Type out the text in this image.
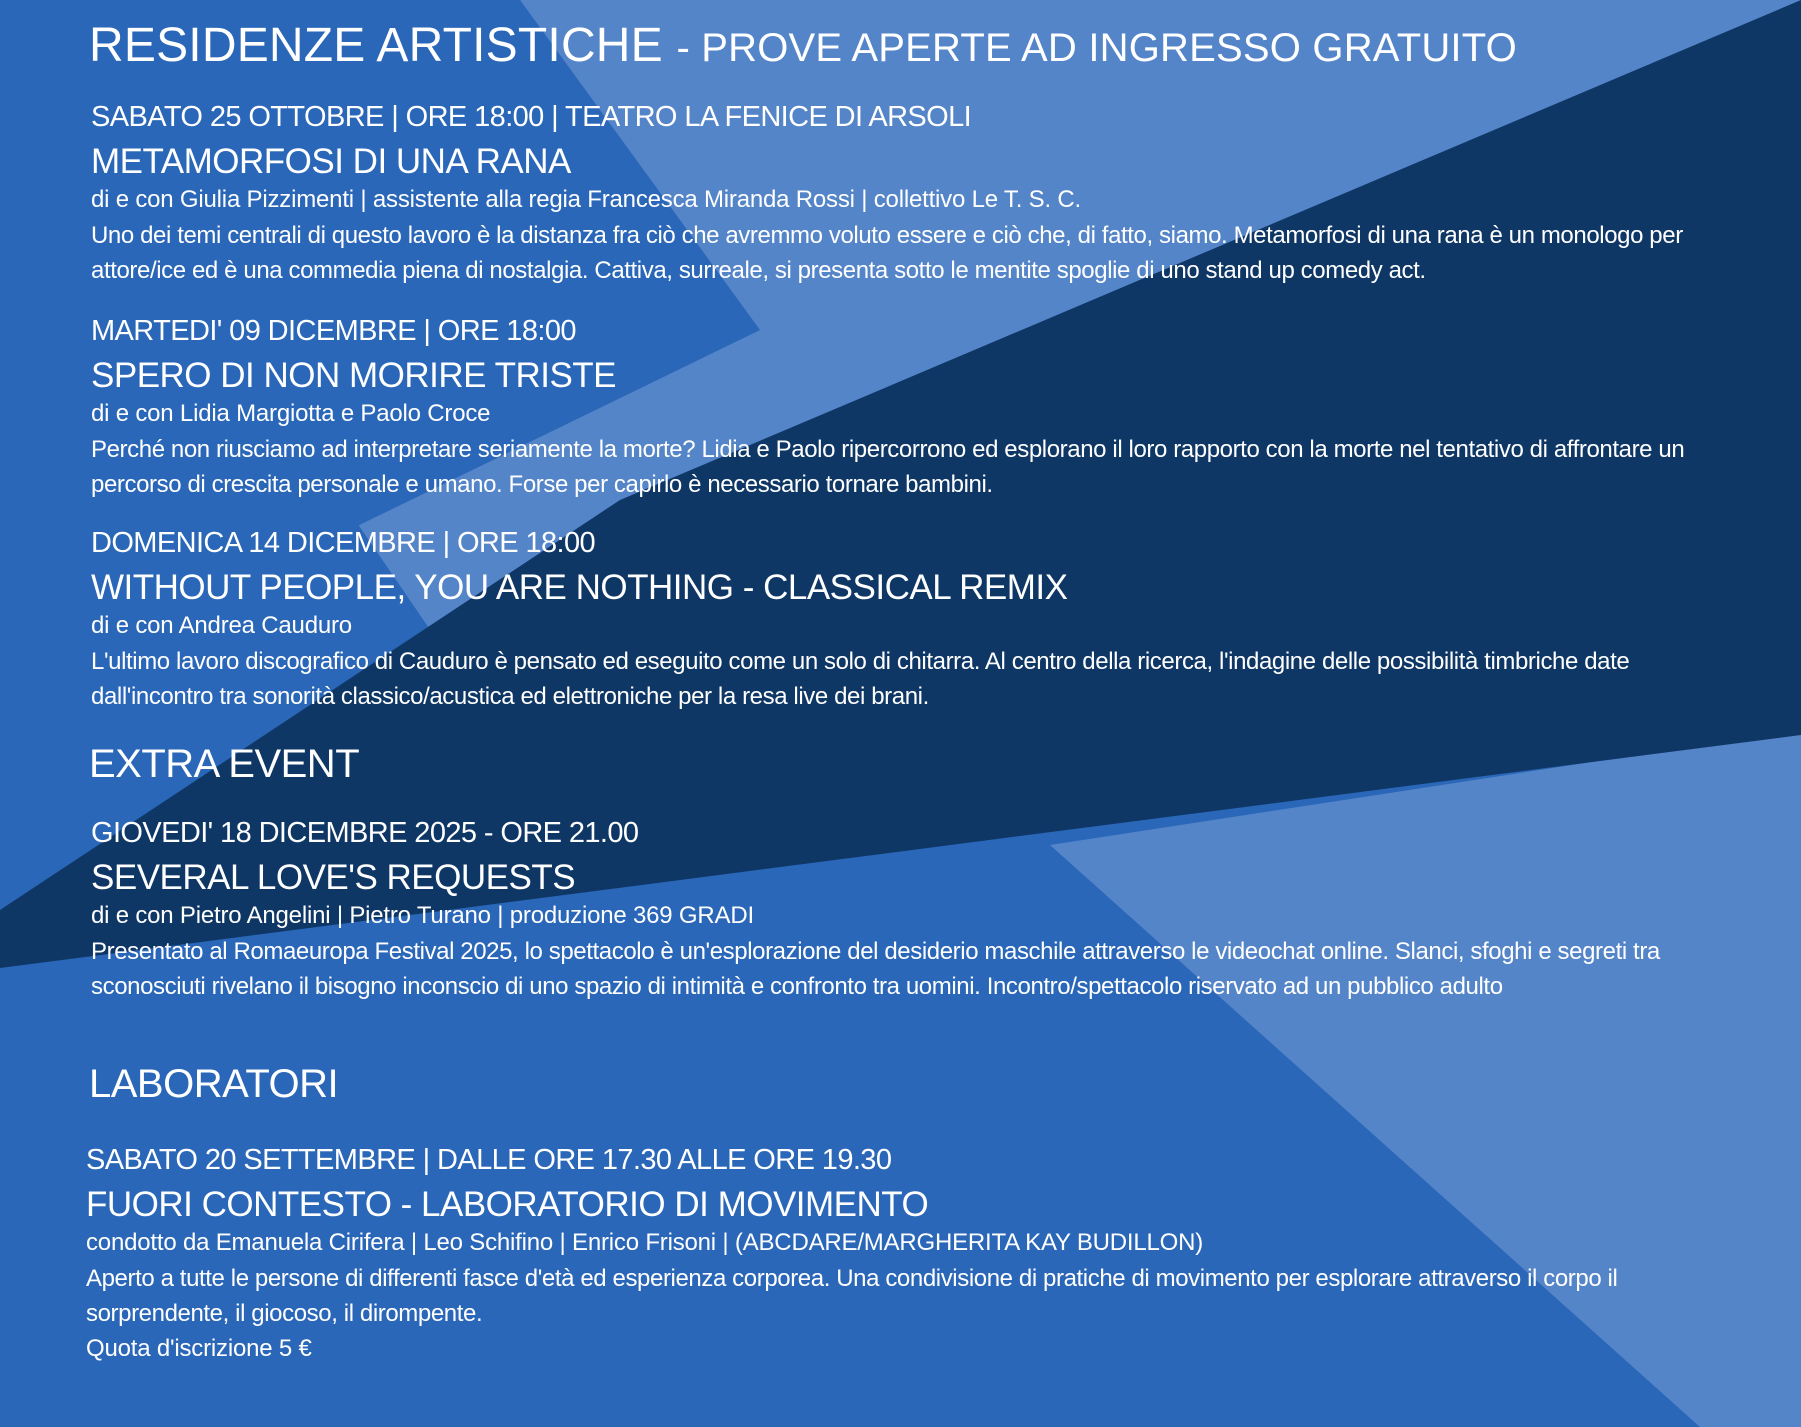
RESIDENZE ARTISTICHE - PROVE APERTE AD INGRESSO GRATUITO
SABATO 25 OTTOBRE | ORE 18:00 | TEATRO LA FENICE DI ARSOLI
METAMORFOSI DI UNA RANA
di e con Giulia Pizzimenti | assistente alla regia Francesca Miranda Rossi | collettivo Le T. S. C.
Uno dei temi centrali di questo lavoro è la distanza fra ciò che avremmo voluto essere e ciò che, di fatto, siamo. Metamorfosi di una rana è un monologo per attore/ice ed è una commedia piena di nostalgia. Cattiva, surreale, si presenta sotto le mentite spoglie di uno stand up comedy act.
MARTEDI' 09 DICEMBRE | ORE 18:00
SPERO DI NON MORIRE TRISTE
di e con Lidia Margiotta e Paolo Croce
Perché non riusciamo ad interpretare seriamente la morte? Lidia e Paolo ripercorrono ed esplorano il loro rapporto con la morte nel tentativo di affrontare un percorso di crescita personale e umano. Forse per capirlo è necessario tornare bambini.
DOMENICA 14 DICEMBRE | ORE 18:00
WITHOUT PEOPLE, YOU ARE NOTHING - CLASSICAL REMIX
di e con Andrea Cauduro
L'ultimo lavoro discografico di Cauduro è pensato ed eseguito come un solo di chitarra. Al centro della ricerca, l'indagine delle possibilità timbriche date dall'incontro tra sonorità classico/acustica ed elettroniche per la resa live dei brani.
EXTRA EVENT
GIOVEDI' 18 DICEMBRE 2025 - ORE 21.00
SEVERAL LOVE'S REQUESTS
di e con Pietro Angelini | Pietro Turano | produzione 369 GRADI
Presentato al Romaeuropa Festival 2025, lo spettacolo è un'esplorazione del desiderio maschile attraverso le videochat online. Slanci, sfoghi e segreti tra sconosciuti rivelano il bisogno inconscio di uno spazio di intimità e confronto tra uomini. Incontro/spettacolo riservato ad un pubblico adulto
LABORATORI
SABATO 20 SETTEMBRE | DALLE ORE 17.30 ALLE ORE 19.30
FUORI CONTESTO - LABORATORIO DI MOVIMENTO
condotto da Emanuela Cirifera | Leo Schifino | Enrico Frisoni | (ABCDARE/MARGHERITA KAY BUDILLON)
Aperto a tutte le persone di differenti fasce d'età ed esperienza corporea. Una condivisione di pratiche di movimento per esplorare attraverso il corpo il sorprendente, il giocoso, il dirompente.
Quota d'iscrizione 5 €
